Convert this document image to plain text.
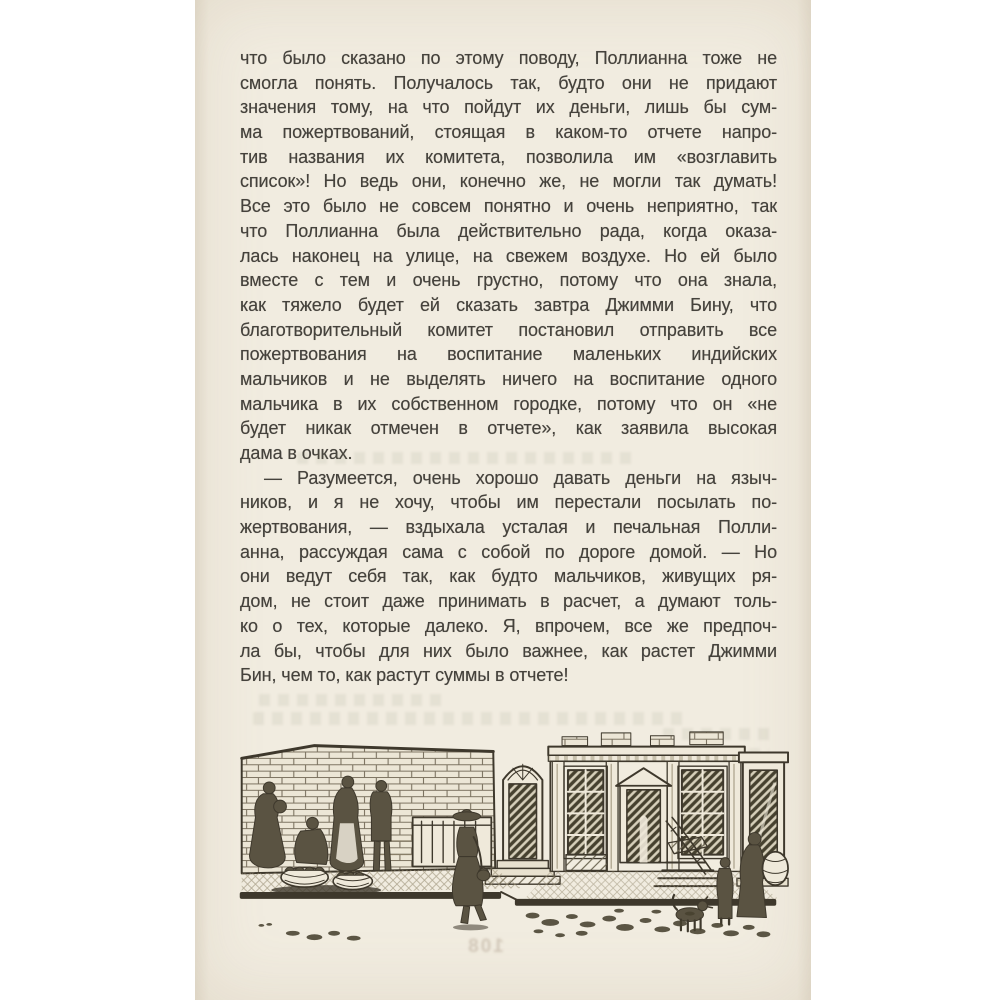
что было сказано по этому поводу, Поллианна тоже не
смогла понять. Получалось так, будто они не придают
значения тому, на что пойдут их деньги, лишь бы сум-
ма пожертвований, стоящая в каком-то отчете напро-
тив названия их комитета, позволила им «возглавить
список»! Но ведь они, конечно же, не могли так думать!
Все это было не совсем понятно и очень неприятно, так
что Поллианна была действительно рада, когда оказа-
лась наконец на улице, на свежем воздухе. Но ей было
вместе с тем и очень грустно, потому что она знала,
как тяжело будет ей сказать завтра Джимми Бину, что
благотворительный комитет постановил отправить все
пожертвования на воспитание маленьких индийских
мальчиков и не выделять ничего на воспитание одного
мальчика в их собственном городке, потому что он «не
будет никак отмечен в отчете», как заявила высокая
дама в очках.
— Разумеется, очень хорошо давать деньги на языч-
ников, и я не хочу, чтобы им перестали посылать по-
жертвования, — вздыхала усталая и печальная Полли-
анна, рассуждая сама с собой по дороге домой. — Но
они ведут себя так, как будто мальчиков, живущих ря-
дом, не стоит даже принимать в расчет, а думают толь-
ко о тех, которые далеко. Я, впрочем, все же предпоч-
ла бы, чтобы для них было важнее, как растет Джимми
Бин, чем то, как растут суммы в отчете!
108
